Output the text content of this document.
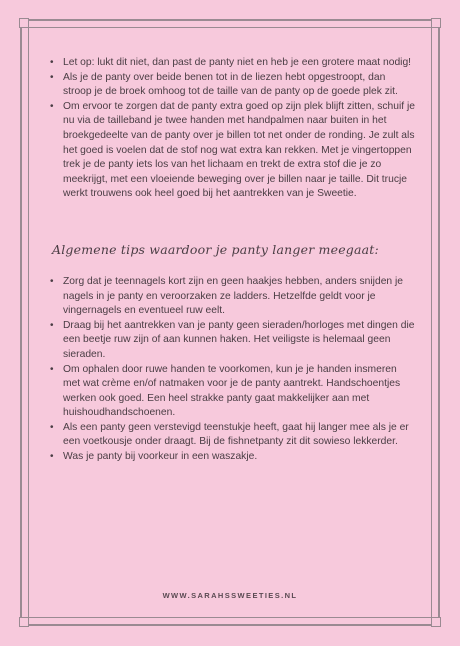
• Let op: lukt dit niet, dan past de panty niet en heb je een grotere maat nodig!
• Als je de panty over beide benen tot in de liezen hebt opgestroopt, dan stroop je de broek omhoog tot de taille van de panty op de goede plek zit.
• Om ervoor te zorgen dat de panty extra goed op zijn plek blijft zitten, schuif je nu via de tailleband je twee handen met handpalmen naar buiten in het broekgedeelte van de panty over je billen tot net onder de ronding. Je zult als het goed is voelen dat de stof nog wat extra kan rekken. Met je vingertoppen trek je de panty iets los van het lichaam en trekt de extra stof die je zo meekrijgt, met een vloeiende beweging over je billen naar je taille. Dit trucje werkt trouwens ook heel goed bij het aantrekken van je Sweetie.
Algemene tips waardoor je panty langer meegaat:
• Zorg dat je teennagels kort zijn en geen haakjes hebben, anders snijden je nagels in je panty en veroorzaken ze ladders. Hetzelfde geldt voor je vingernagels en eventueel ruw eelt.
• Draag bij het aantrekken van je panty geen sieraden/horloges met dingen die een beetje ruw zijn of aan kunnen haken. Het veiligste is helemaal geen sieraden.
• Om ophalen door ruwe handen te voorkomen, kun je je handen insmeren met wat crème en/of natmaken voor je de panty aantrekt. Handschoentjes werken ook goed. Een heel strakke panty gaat makkelijker aan met huishoudhandschoenen.
• Als een panty geen verstevigd teenstukje heeft, gaat hij langer mee als je er een voetkousje onder draagt. Bij de fishnetpanty zit dit sowieso lekkerder.
• Was je panty bij voorkeur in een waszakje.
WWW.SARAHSSWEETIES.NL
